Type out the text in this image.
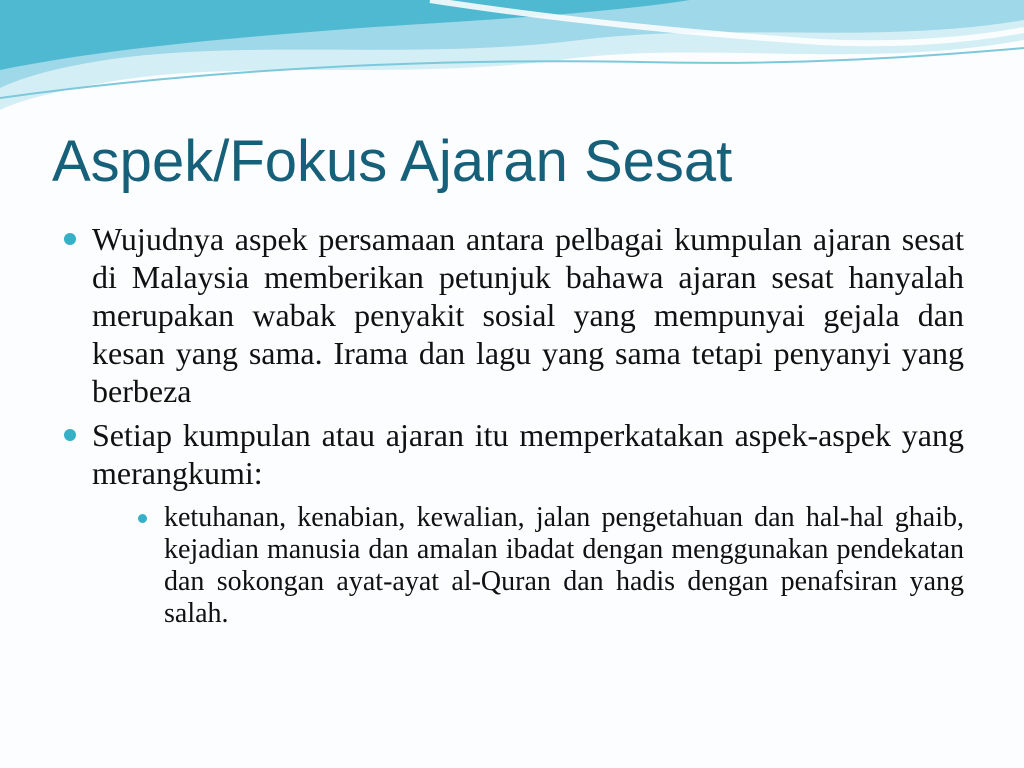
Aspek/Fokus Ajaran Sesat
Wujudnya aspek persamaan antara pelbagai kumpulan ajaran sesat di Malaysia memberikan petunjuk bahawa ajaran sesat hanyalah merupakan wabak penyakit sosial yang mempunyai gejala dan kesan yang sama. Irama dan lagu yang sama tetapi penyanyi yang berbeza
Setiap kumpulan atau ajaran itu memperkatakan aspek-aspek yang merangkumi:
ketuhanan, kenabian, kewalian, jalan pengetahuan dan hal-hal ghaib, kejadian manusia dan amalan ibadat dengan menggunakan pendekatan dan sokongan ayat-ayat al-Quran dan hadis dengan penafsiran yang salah.
